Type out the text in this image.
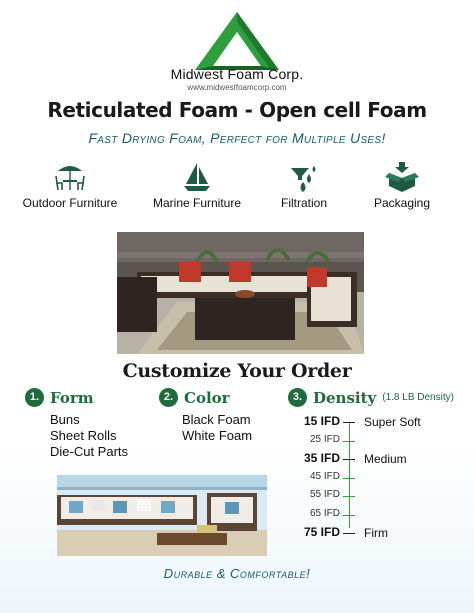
Midwest Foam Corp.
www.midwestfoamcorp.com
Reticulated Foam - Open cell Foam
Fast Drying Foam, Perfect for Multiple Uses!
Outdoor Furniture	Marine Furniture	Filtration	Packaging
Customize Your Order
1. Form
Buns
Sheet Rolls
Die-Cut Parts
2. Color
Black Foam
White Foam
3. Density (1.8 LB Density)
15 IFD Super Soft
25 IFD
35 IFD Medium
45 IFD
55 IFD
65 IFD
75 IFD Firm
Durable & Comfortable!
